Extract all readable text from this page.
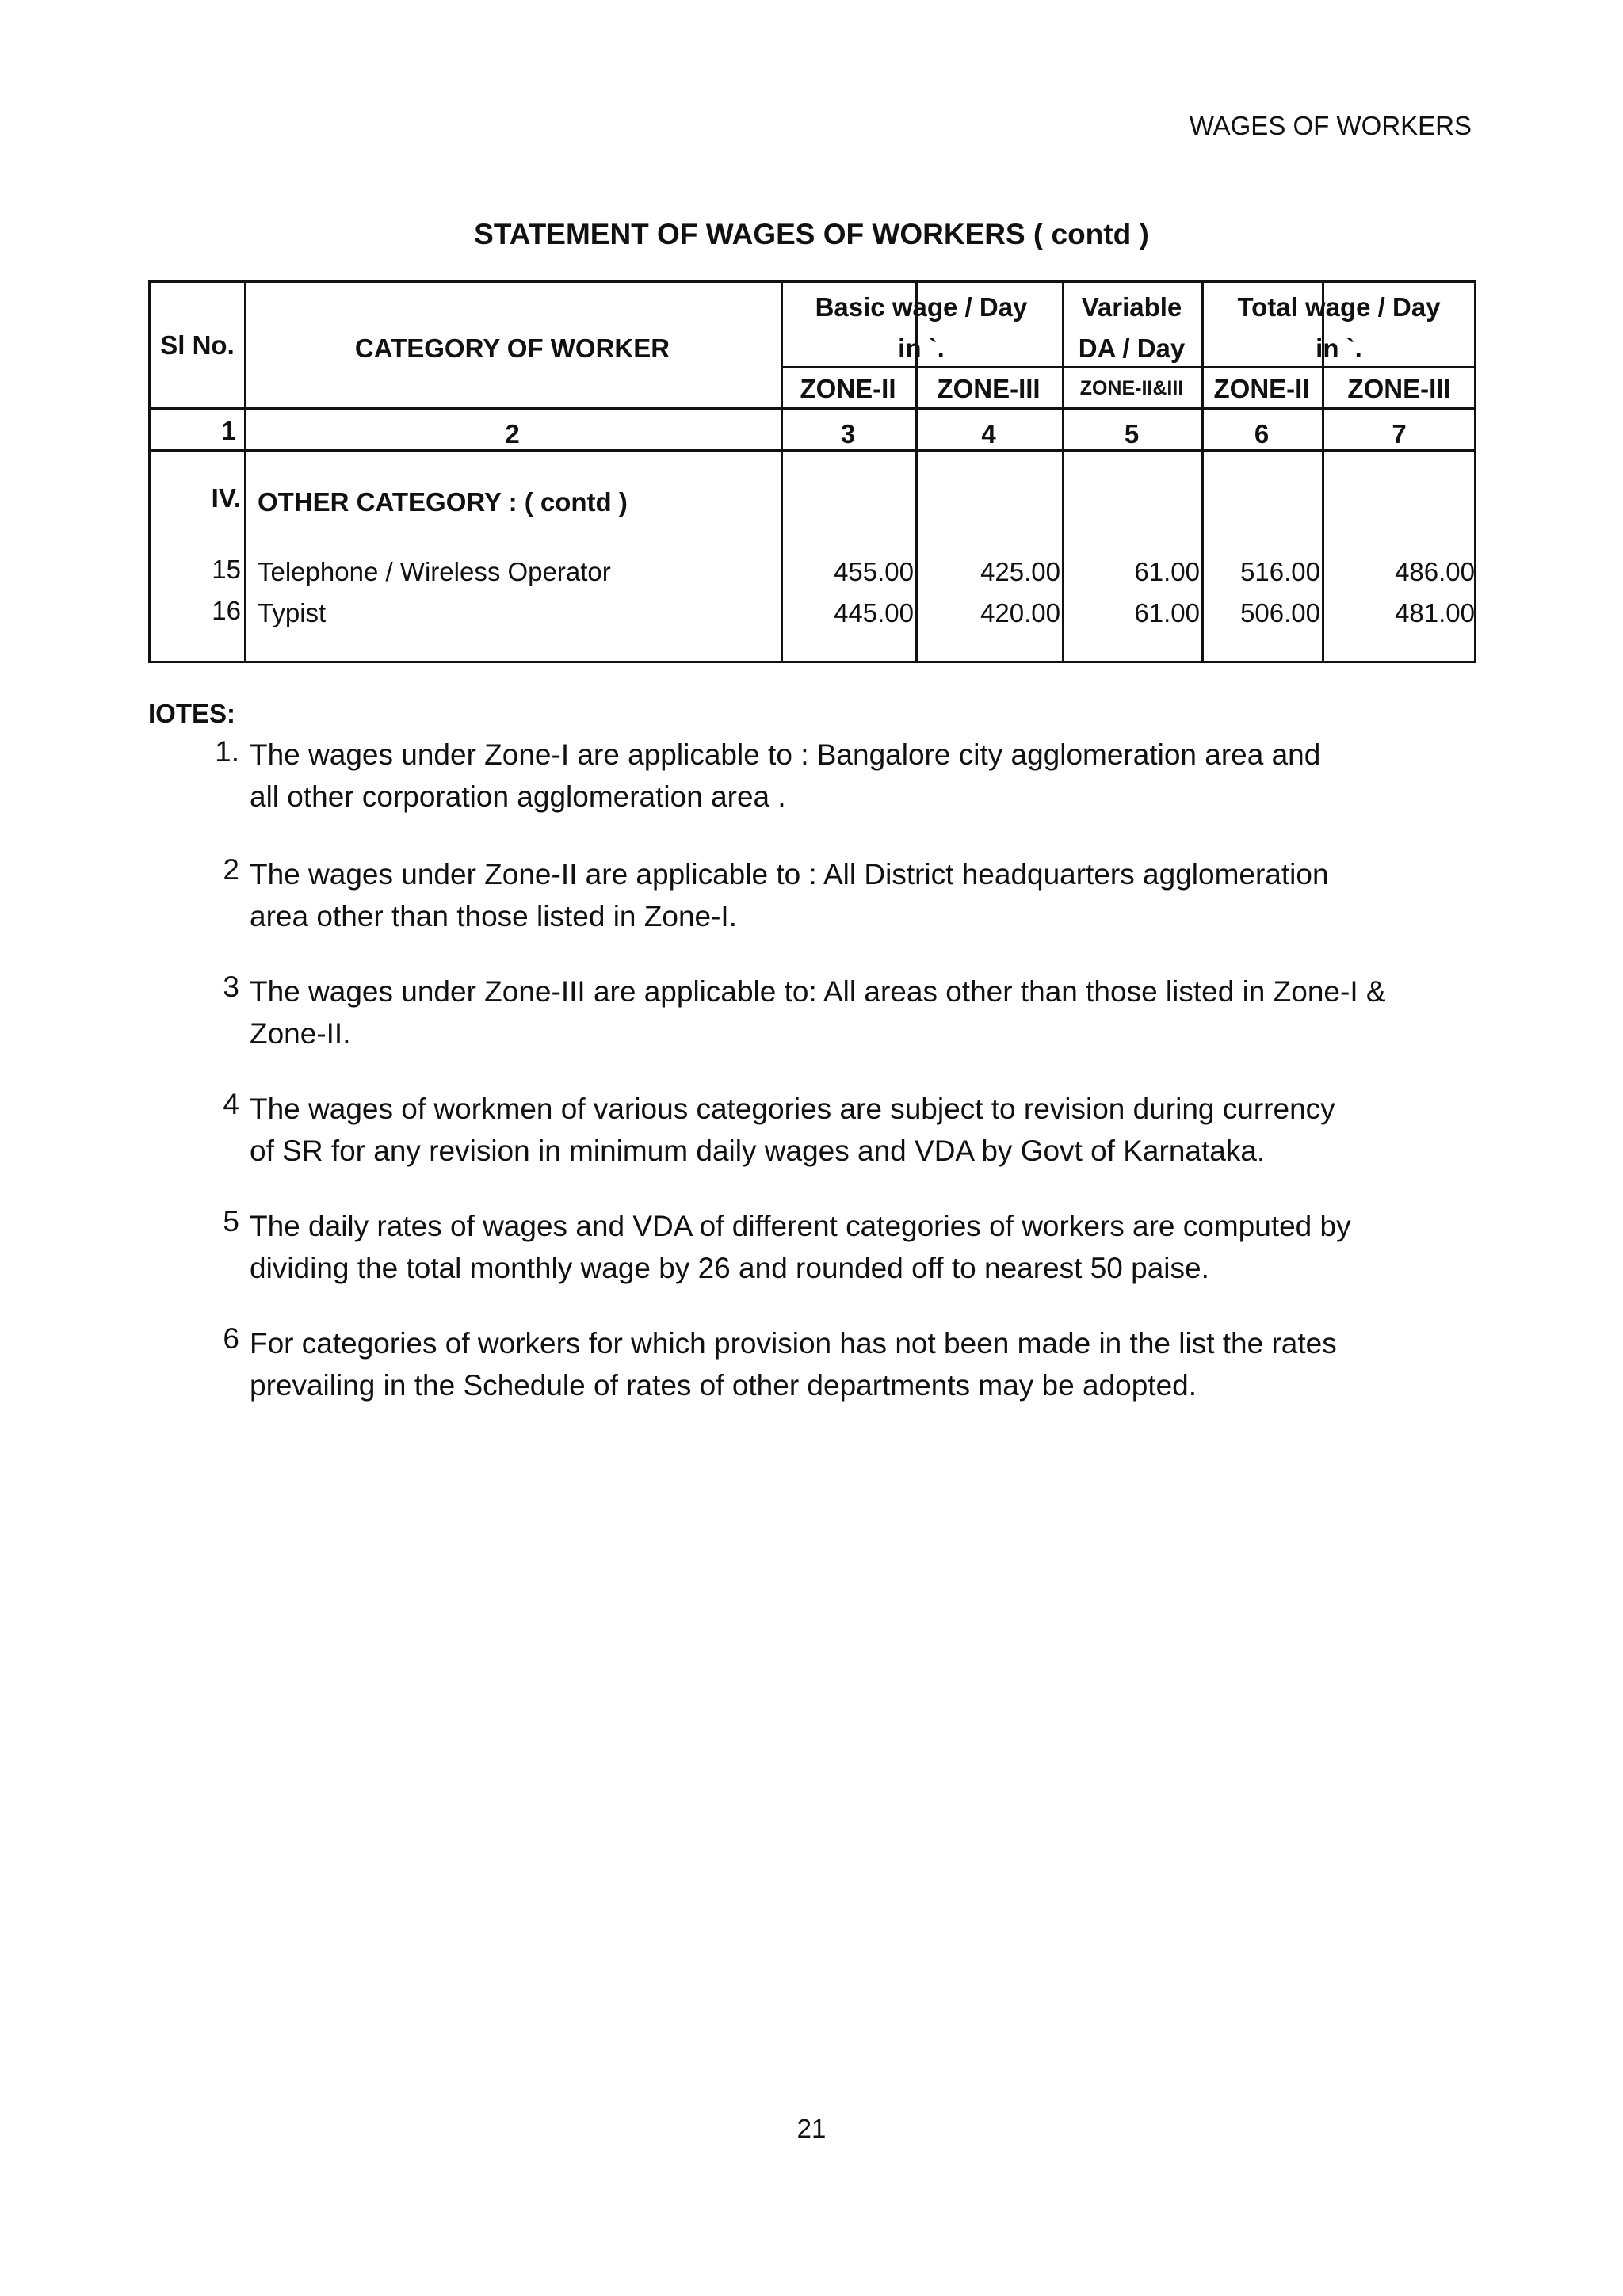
WAGES OF WORKERS
STATEMENT OF WAGES OF WORKERS ( contd )
Sl No.	CATEGORY OF WORKER
Basic wage / Day
in `.
Variable
DA / Day
Total wage / Day
in `.
ZONE-II	ZONE-III	ZONE-II&III	ZONE-II	ZONE-III
1	2	3	4	5	6	7
IV. OTHER CATEGORY : ( contd )
15 Telephone / Wireless Operator	455.00	425.00	61.00	516.00	486.00
16 Typist	445.00	420.00	61.00	506.00	481.00
IOTES:
1. The wages under Zone-I are applicable to : Bangalore city agglomeration area and
all other corporation agglomeration area .
2 The wages under Zone-II are applicable to : All District headquarters agglomeration
area other than those listed in Zone-I.
3 The wages under Zone-III are applicable to: All areas other than those listed in Zone-I &
Zone-II.
4 The wages of workmen of various categories are subject to revision during currency
of SR for any revision in minimum daily wages and VDA by Govt of Karnataka.
5 The daily rates of wages and VDA of different categories of workers are computed by
dividing the total monthly wage by 26 and rounded off to nearest 50 paise.
6 For categories of workers for which provision has not been made in the list the rates
prevailing in the Schedule of rates of other departments may be adopted.
21
